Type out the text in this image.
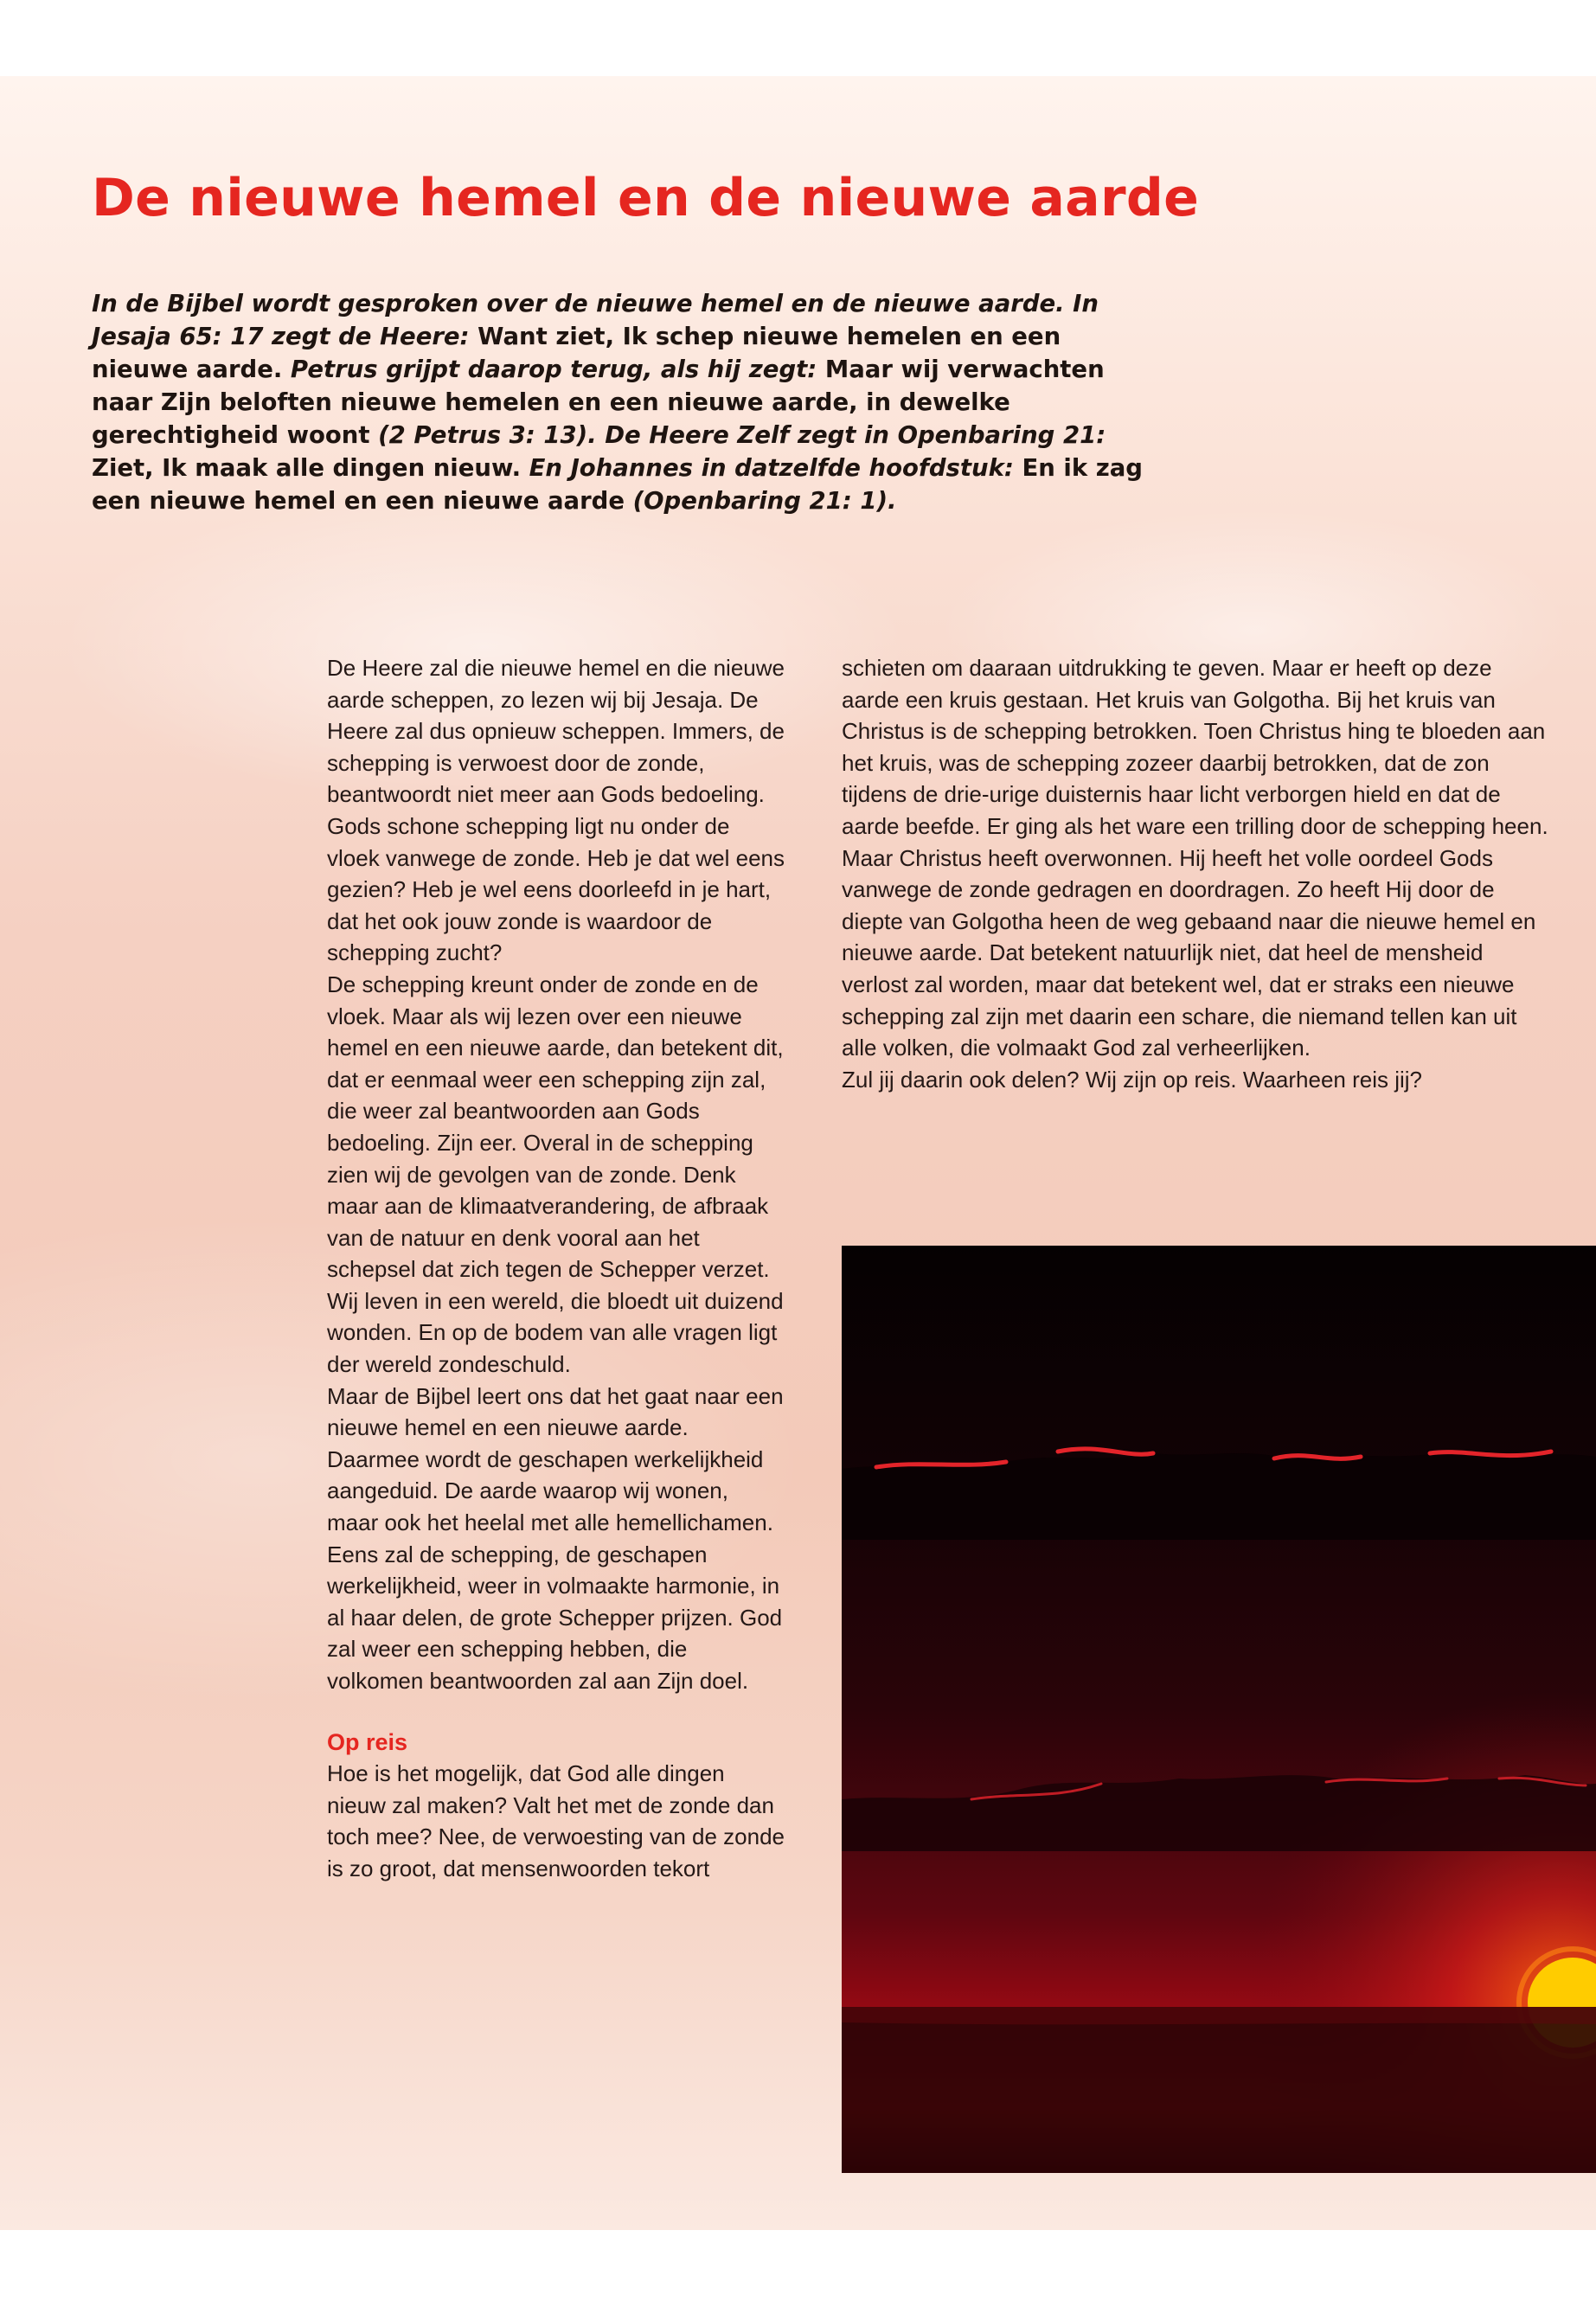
De nieuwe hemel en de nieuwe aarde

In de Bijbel wordt gesproken over de nieuwe hemel en de nieuwe aarde. In Jesaja 65: 17 zegt de Heere: Want ziet, Ik schep nieuwe hemelen en een nieuwe aarde. Petrus grijpt daarop terug, als hij zegt: Maar wij verwachten naar Zijn beloften nieuwe hemelen en een nieuwe aarde, in dewelke gerechtigheid woont (2 Petrus 3: 13). De Heere Zelf zegt in Openbaring 21: Ziet, Ik maak alle dingen nieuw. En Johannes in datzelfde hoofdstuk: En ik zag een nieuwe hemel en een nieuwe aarde (Openbaring 21: 1).

De Heere zal die nieuwe hemel en die nieuwe aarde scheppen, zo lezen wij bij Jesaja. De Heere zal dus opnieuw scheppen. Immers, de schepping is verwoest door de zonde, beantwoordt niet meer aan Gods bedoeling. Gods schone schepping ligt nu onder de vloek vanwege de zonde. Heb je dat wel eens gezien? Heb je wel eens doorleefd in je hart, dat het ook jouw zonde is waardoor de schepping zucht?

De schepping kreunt onder de zonde en de vloek. Maar als wij lezen over een nieuwe hemel en een nieuwe aarde, dan betekent dit, dat er eenmaal weer een schepping zijn zal, die weer zal beantwoorden aan Gods bedoeling. Zijn eer. Overal in de schepping zien wij de gevolgen van de zonde. Denk maar aan de klimaatverandering, de afbraak van de natuur en denk vooral aan het schepsel dat zich tegen de Schepper verzet. Wij leven in een wereld, die bloedt uit duizend wonden. En op de bodem van alle vragen ligt der wereld zondeschuld.

Maar de Bijbel leert ons dat het gaat naar een nieuwe hemel en een nieuwe aarde. Daarmee wordt de geschapen werkelijkheid aangeduid. De aarde waarop wij wonen, maar ook het heelal met alle hemellichamen. Eens zal de schepping, de geschapen werkelijkheid, weer in volmaakte harmonie, in al haar delen, de grote Schepper prijzen. God zal weer een schepping hebben, die volkomen beantwoorden zal aan Zijn doel.

Op reis

Hoe is het mogelijk, dat God alle dingen nieuw zal maken? Valt het met de zonde dan toch mee? Nee, de verwoesting van de zonde is zo groot, dat mensenwoorden tekort

schieten om daaraan uitdrukking te geven. Maar er heeft op deze aarde een kruis gestaan. Het kruis van Golgotha. Bij het kruis van Christus is de schepping betrokken. Toen Christus hing te bloeden aan het kruis, was de schepping zozeer daarbij betrokken, dat de zon tijdens de drie-urige duisternis haar licht verborgen hield en dat de aarde beefde. Er ging als het ware een trilling door de schepping heen.

Maar Christus heeft overwonnen. Hij heeft het volle oordeel Gods vanwege de zonde gedragen en doordragen. Zo heeft Hij door de diepte van Golgotha heen de weg gebaand naar die nieuwe hemel en nieuwe aarde. Dat betekent natuurlijk niet, dat heel de mensheid verlost zal worden, maar dat betekent wel, dat er straks een nieuwe schepping zal zijn met daarin een schare, die niemand tellen kan uit alle volken, die volmaakt God zal verheerlijken.

Zul jij daarin ook delen? Wij zijn op reis. Waarheen reis jij?
